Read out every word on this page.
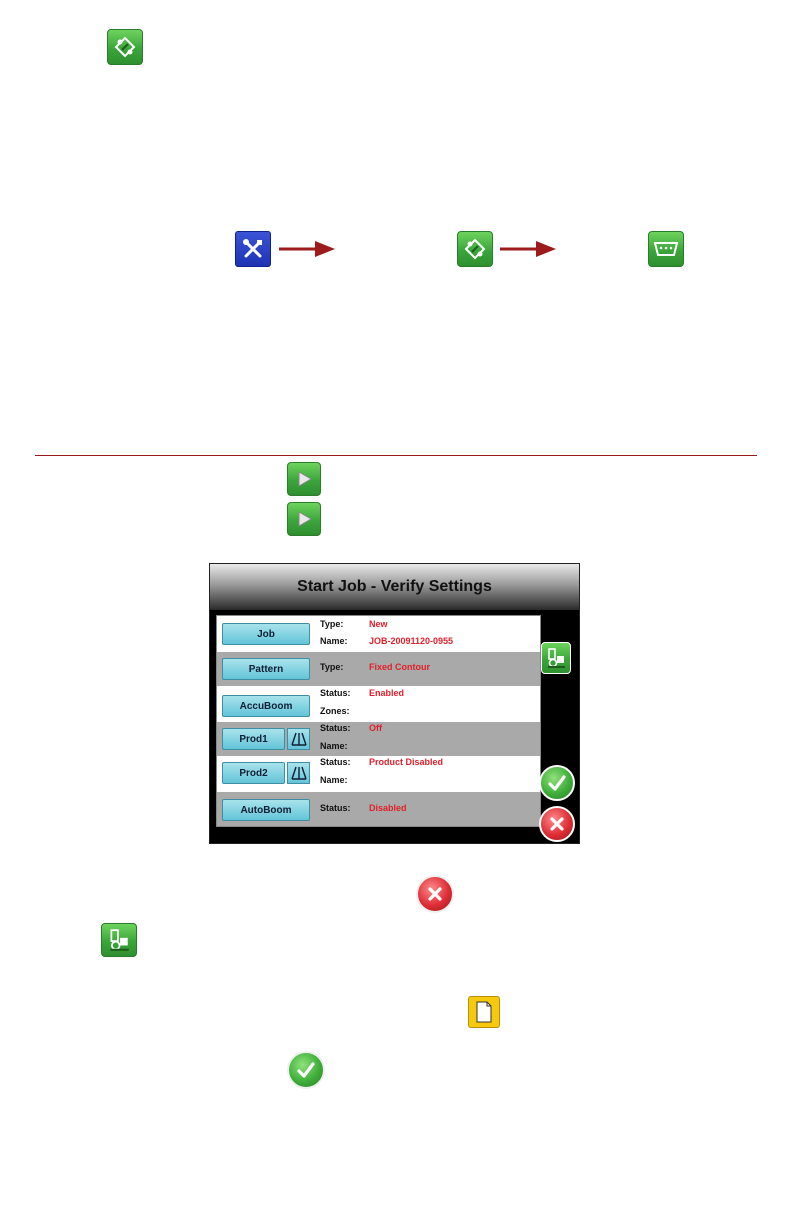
Start Job - Verify Settings
Job
Type:	New
Name: JOB-20091120-0955
Pattern	Type:	Fixed Contour
AccuBoom
Status: Enabled
Zones:
Prod1
Status: Off
Name:
Prod2
Status: Product Disabled
Name:
AutoBoom	Status: Disabled
